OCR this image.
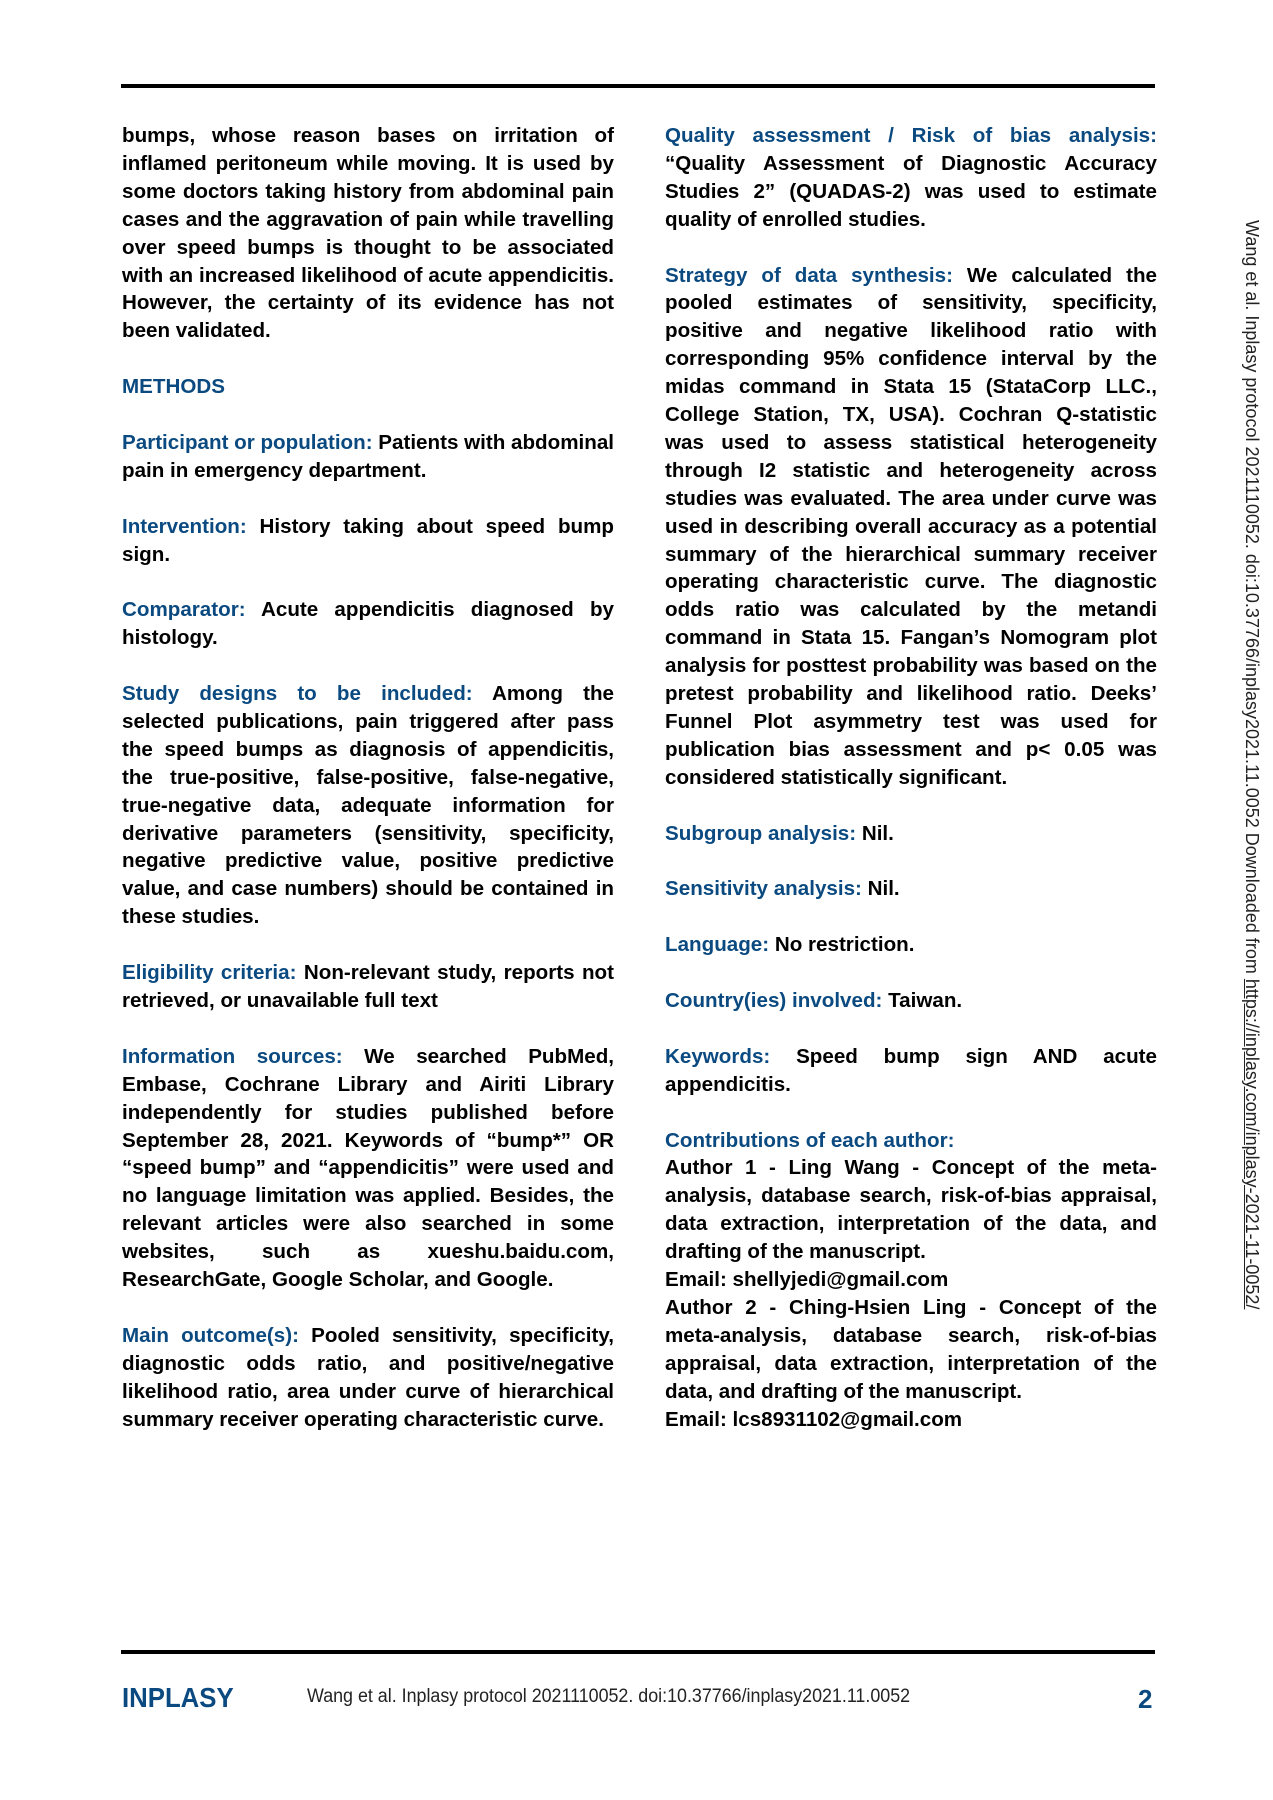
bumps, whose reason bases on irritation of inflamed peritoneum while moving. It is used by some doctors taking history from abdominal pain cases and the aggravation of pain while travelling over speed bumps is thought to be associated with an increased likelihood of acute appendicitis. However, the certainty of its evidence has not been validated.

METHODS

Participant or population: Patients with abdominal pain in emergency department.

Intervention: History taking about speed bump sign.

Comparator: Acute appendicitis diagnosed by histology.

Study designs to be included: Among the selected publications, pain triggered after pass the speed bumps as diagnosis of appendicitis, the true-positive, false-positive, false-negative, true-negative data, adequate information for derivative parameters (sensitivity, specificity, negative predictive value, positive predictive value, and case numbers) should be contained in these studies.

Eligibility criteria: Non-relevant study, reports not retrieved, or unavailable full text

Information sources: We searched PubMed, Embase, Cochrane Library and Airiti Library independently for studies published before September 28, 2021. Keywords of “bump*” OR “speed bump” and “appendicitis” were used and no language limitation was applied. Besides, the relevant articles were also searched in some websites, such as xueshu.baidu.com, ResearchGate, Google Scholar, and Google.

Main outcome(s): Pooled sensitivity, specificity, diagnostic odds ratio, and positive/negative likelihood ratio, area under curve of hierarchical summary receiver operating characteristic curve.

Quality assessment / Risk of bias analysis: “Quality Assessment of Diagnostic Accuracy Studies 2” (QUADAS-2) was used to estimate quality of enrolled studies.

Strategy of data synthesis: We calculated the pooled estimates of sensitivity, specificity, positive and negative likelihood ratio with corresponding 95% confidence interval by the midas command in Stata 15 (StataCorp LLC., College Station, TX, USA). Cochran Q-statistic was used to assess statistical heterogeneity through I2 statistic and heterogeneity across studies was evaluated. The area under curve was used in describing overall accuracy as a potential summary of the hierarchical summary receiver operating characteristic curve. The diagnostic odds ratio was calculated by the metandi command in Stata 15. Fangan’s Nomogram plot analysis for posttest probability was based on the pretest probability and likelihood ratio. Deeks’ Funnel Plot asymmetry test was used for publication bias assessment and p< 0.05 was considered statistically significant.

Subgroup analysis: Nil.

Sensitivity analysis: Nil.

Language: No restriction.

Country(ies) involved: Taiwan.

Keywords: Speed bump sign AND acute appendicitis.

Contributions of each author:
Author 1 - Ling Wang - Concept of the meta-analysis, database search, risk-of-bias appraisal, data extraction, interpretation of the data, and drafting of the manuscript.
Email: shellyjedi@gmail.com
Author 2 - Ching-Hsien Ling - Concept of the meta-analysis, database search, risk-of-bias appraisal, data extraction, interpretation of the data, and drafting of the manuscript.
Email: lcs8931102@gmail.com
Wang et al. Inplasy protocol 2021110052. doi:10.37766/inplasy2021.11.0052 Downloaded from https://inplasy.com/inplasy-2021-11-0052/
INPLASY	Wang et al. Inplasy protocol 2021110052. doi:10.37766/inplasy2021.11.0052	2
